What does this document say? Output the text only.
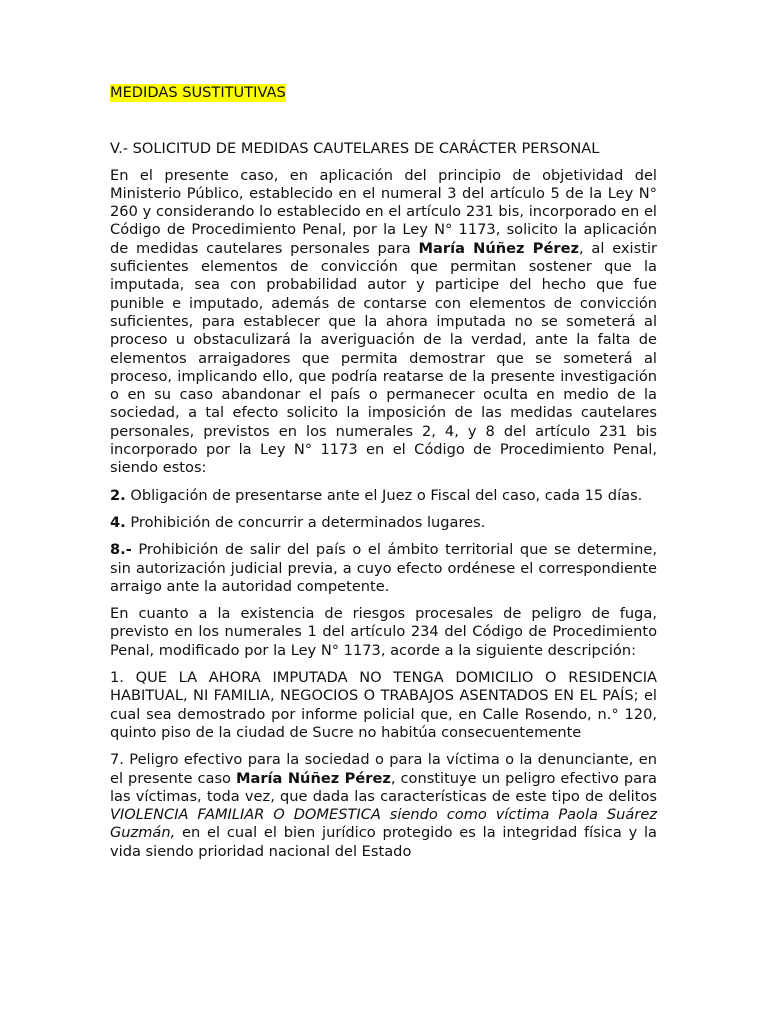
MEDIDAS SUSTITUTIVAS
V.- SOLICITUD DE MEDIDAS CAUTELARES DE CARÁCTER PERSONAL

En el presente caso, en aplicación del principio de objetividad del Ministerio Público, establecido en el numeral 3 del artículo 5 de la Ley N° 260 y considerando lo establecido en el artículo 231 bis, incorporado en el Código de Procedimiento Penal, por la Ley N° 1173, solicito la aplicación de medidas cautelares personales para María Núñez Pérez, al existir suficientes elementos de convicción que permitan sostener que la imputada, sea con probabilidad autor y participe del hecho que fue punible e imputado, además de contarse con elementos de convicción suficientes, para establecer que la ahora imputada no se someterá al proceso u obstaculizará la averiguación de la verdad, ante la falta de elementos arraigadores que permita demostrar que se someterá al proceso, implicando ello, que podría reatarse de la presente investigación o en su caso abandonar el país o permanecer oculta en medio de la sociedad, a tal efecto solicito la imposición de las medidas cautelares personales, previstos en los numerales 2, 4, y 8 del artículo 231 bis incorporado por la Ley N° 1173 en el Código de Procedimiento Penal, siendo estos:

2. Obligación de presentarse ante el Juez o Fiscal del caso, cada 15 días.

4. Prohibición de concurrir a determinados lugares.

8.- Prohibición de salir del país o el ámbito territorial que se determine, sin autorización judicial previa, a cuyo efecto ordénese el correspondiente arraigo ante la autoridad competente.

En cuanto a la existencia de riesgos procesales de peligro de fuga, previsto en los numerales 1 del artículo 234 del Código de Procedimiento Penal, modificado por la Ley N° 1173, acorde a la siguiente descripción:

1. QUE LA AHORA IMPUTADA NO TENGA DOMICILIO O RESIDENCIA HABITUAL, NI FAMILIA, NEGOCIOS O TRABAJOS ASENTADOS EN EL PAÍS; el cual sea demostrado por informe policial que, en Calle Rosendo, n.° 120, quinto piso de la ciudad de Sucre no habitúa consecuentemente

7. Peligro efectivo para la sociedad o para la víctima o la denunciante, en el presente caso María Núñez Pérez, constituye un peligro efectivo para las víctimas, toda vez, que dada las características de este tipo de delitos VIOLENCIA FAMILIAR O DOMESTICA siendo como víctima Paola Suárez Guzmán, en el cual el bien jurídico protegido es la integridad física y la vida siendo prioridad nacional del Estado
